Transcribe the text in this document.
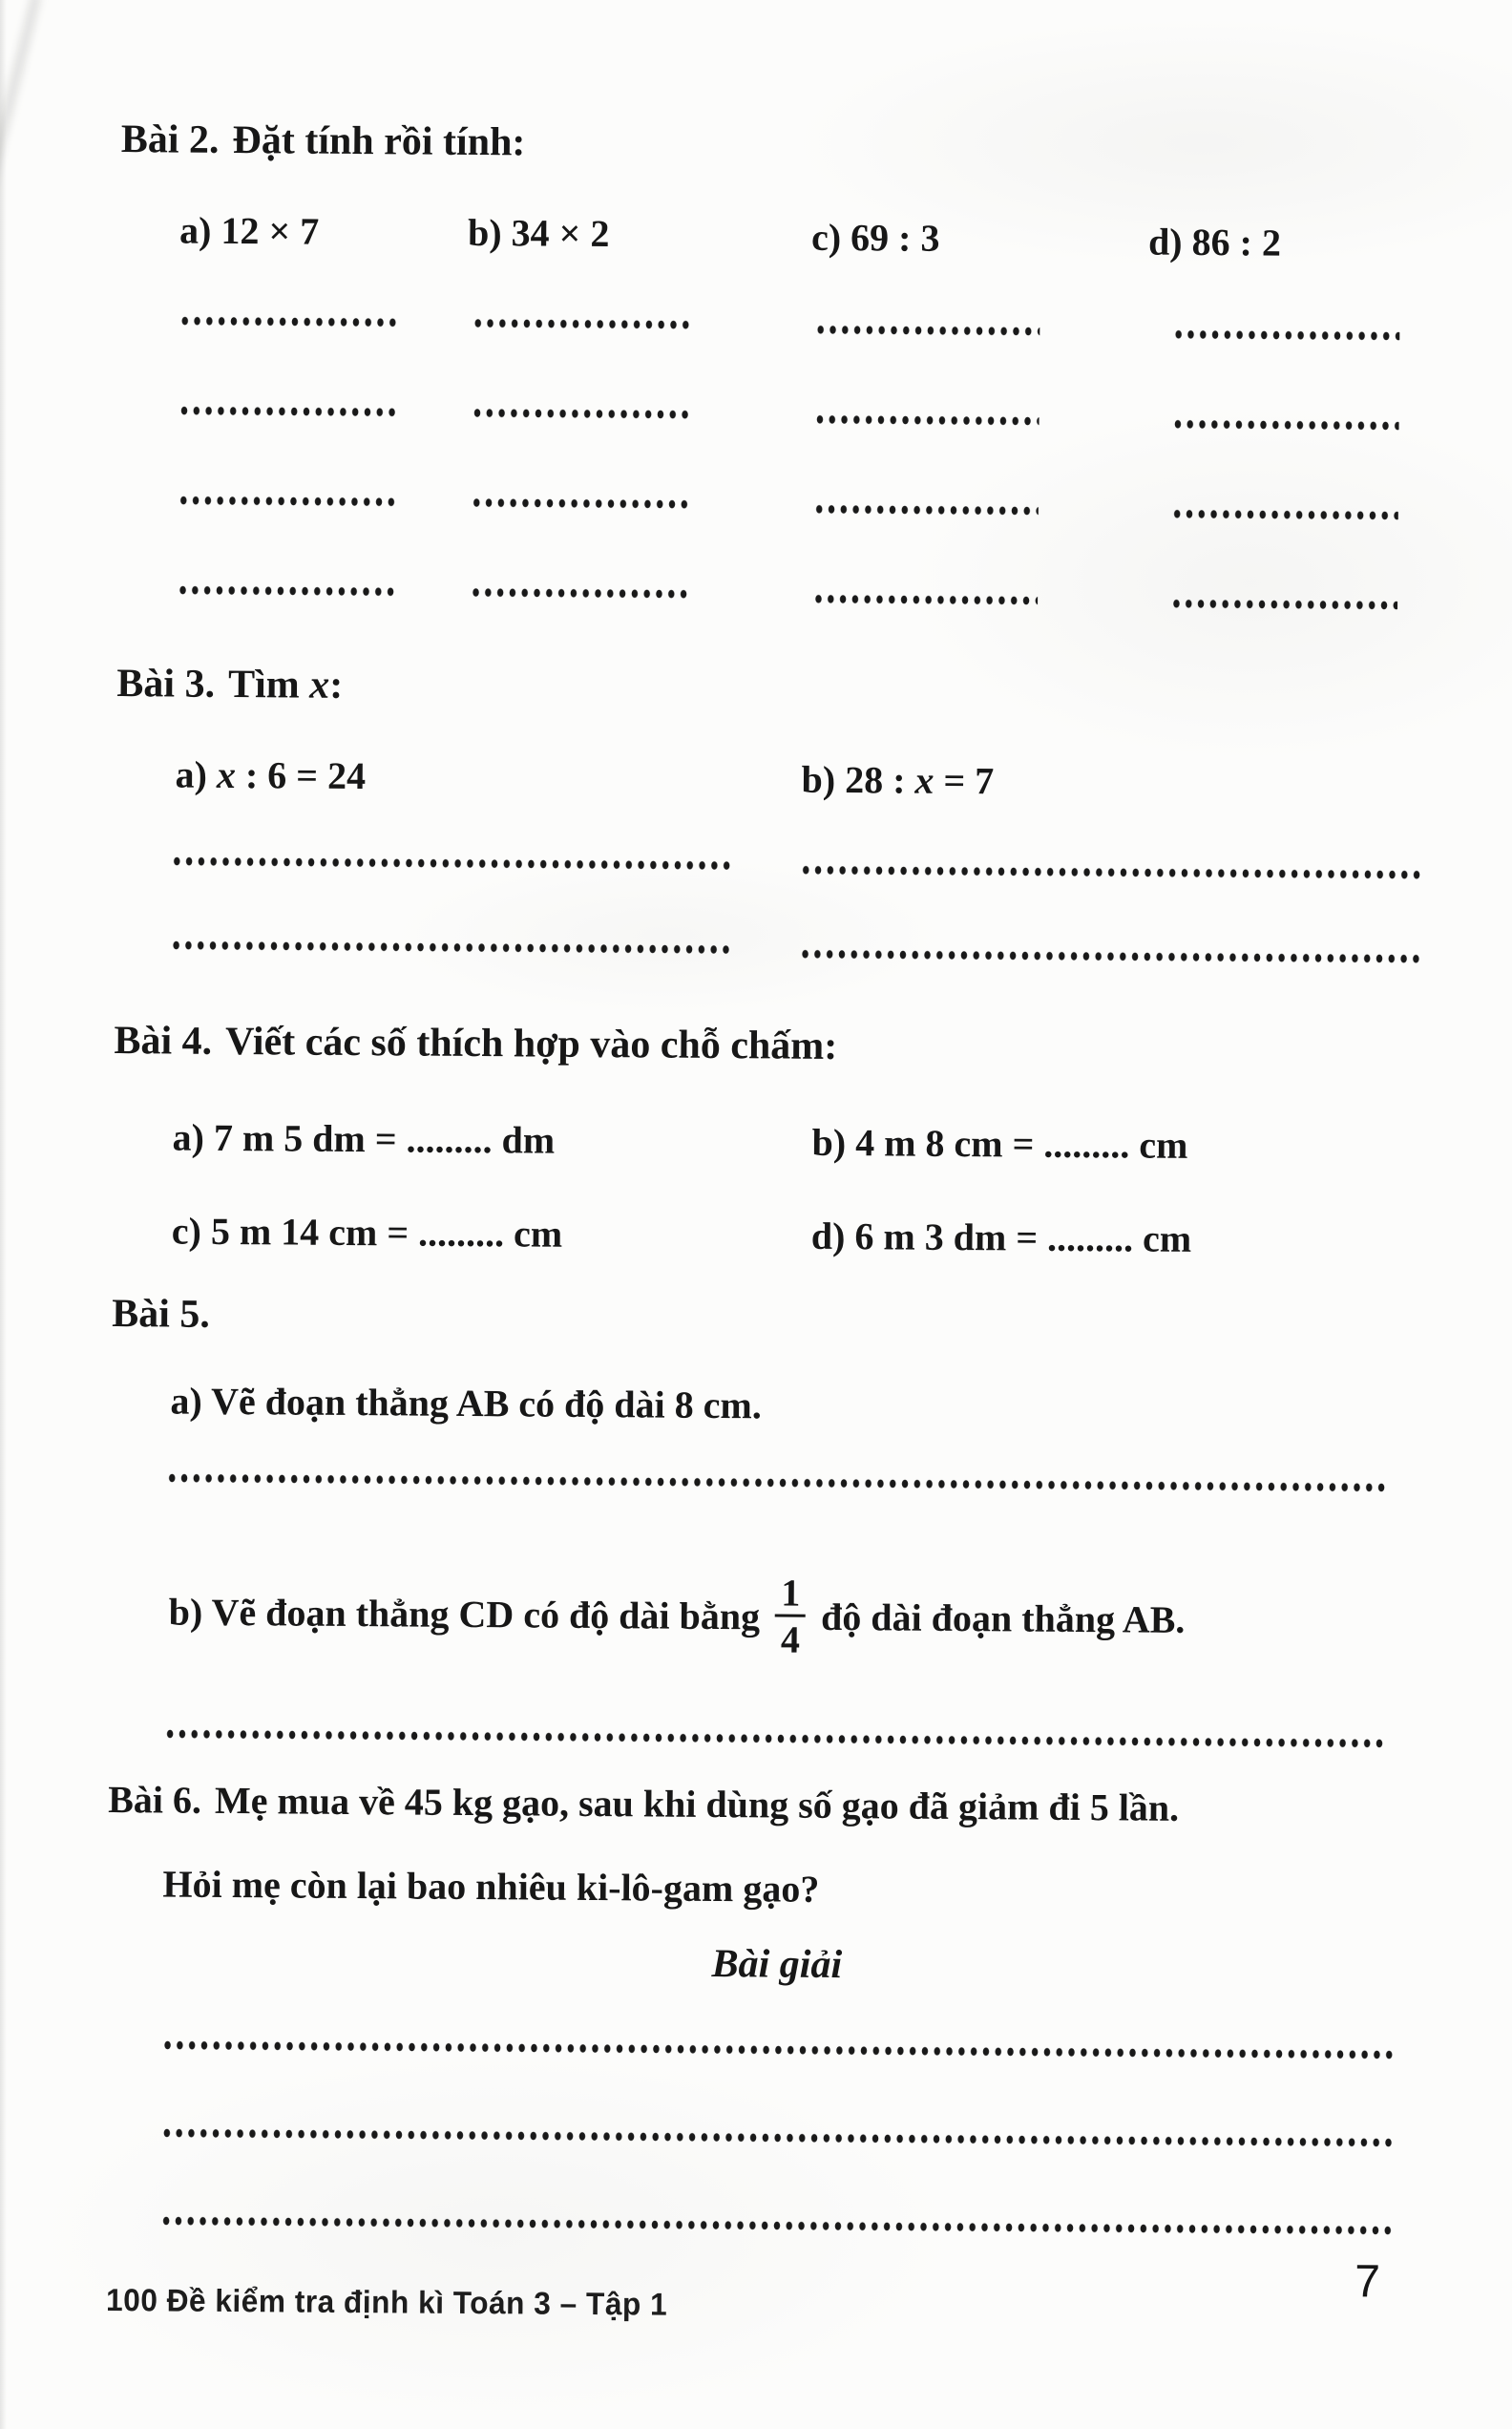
Bài 2. Đặt tính rồi tính:
a) 12 × 7	b) 34 × 2	c) 69 : 3	d) 86 : 2
Bài 3. Tìm x:
a) x : 6 = 24	b) 28 : x = 7
Bài 4. Viết các số thích hợp vào chỗ chấm:
a) 7 m 5 dm = ......... dm	b) 4 m 8 cm = ......... cm
c) 5 m 14 cm = ......... cm	d) 6 m 3 dm = ......... cm
Bài 5.
a) Vẽ đoạn thẳng AB có độ dài 8 cm.
b) Vẽ đoạn thẳng CD có độ dài bằng $\frac{1}{4}$ độ dài đoạn thẳng AB.
Bài 6. Mẹ mua về 45 kg gạo, sau khi dùng số gạo đã giảm đi 5 lần.
Hỏi mẹ còn lại bao nhiêu ki-lô-gam gạo?
Bài giải
100 Đề kiểm tra định kì Toán 3 – Tập 1	7
